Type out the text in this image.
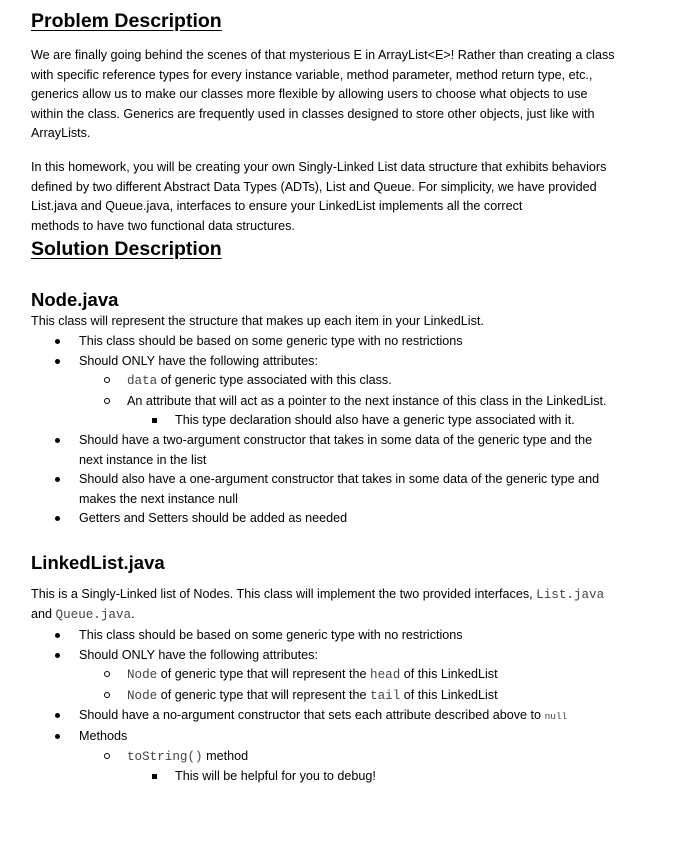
Problem Description

We are finally going behind the scenes of that mysterious E in ArrayList<E>! Rather than creating a class

with specific reference types for every instance variable, method parameter, method return type, etc.,

generics allow us to make our classes more flexible by allowing users to choose what objects to use

within the class. Generics are frequently used in classes designed to store other objects, just like with

ArrayLists.

In this homework, you will be creating your own Singly-Linked List data structure that exhibits behaviors

defined by two different Abstract Data Types (ADTs), List and Queue. For simplicity, we have provided

List.java and Queue.java, interfaces to ensure your LinkedList implements all the correct

methods to have two functional data structures.

Solution Description
Node.java

This class will represent the structure that makes up each item in your LinkedList.

This class should be based on some generic type with no restrictions
Should ONLY have the following attributes:
data of generic type associated with this class.
An attribute that will act as a pointer to the next instance of this class in the LinkedList.
This type declaration should also have a generic type associated with it.
Should have a two-argument constructor that takes in some data of the generic type and the
next instance in the list
Should also have a one-argument constructor that takes in some data of the generic type and
makes the next instance null
Getters and Setters should be added as needed
LinkedList.java

This is a Singly-Linked list of Nodes. This class will implement the two provided interfaces, List.java

and Queue.java.

This class should be based on some generic type with no restrictions
Should ONLY have the following attributes:
Node of generic type that will represent the head of this LinkedList
Node of generic type that will represent the tail of this LinkedList
Should have a no-argument constructor that sets each attribute described above to null
Methods
toString() method
This will be helpful for you to debug!
